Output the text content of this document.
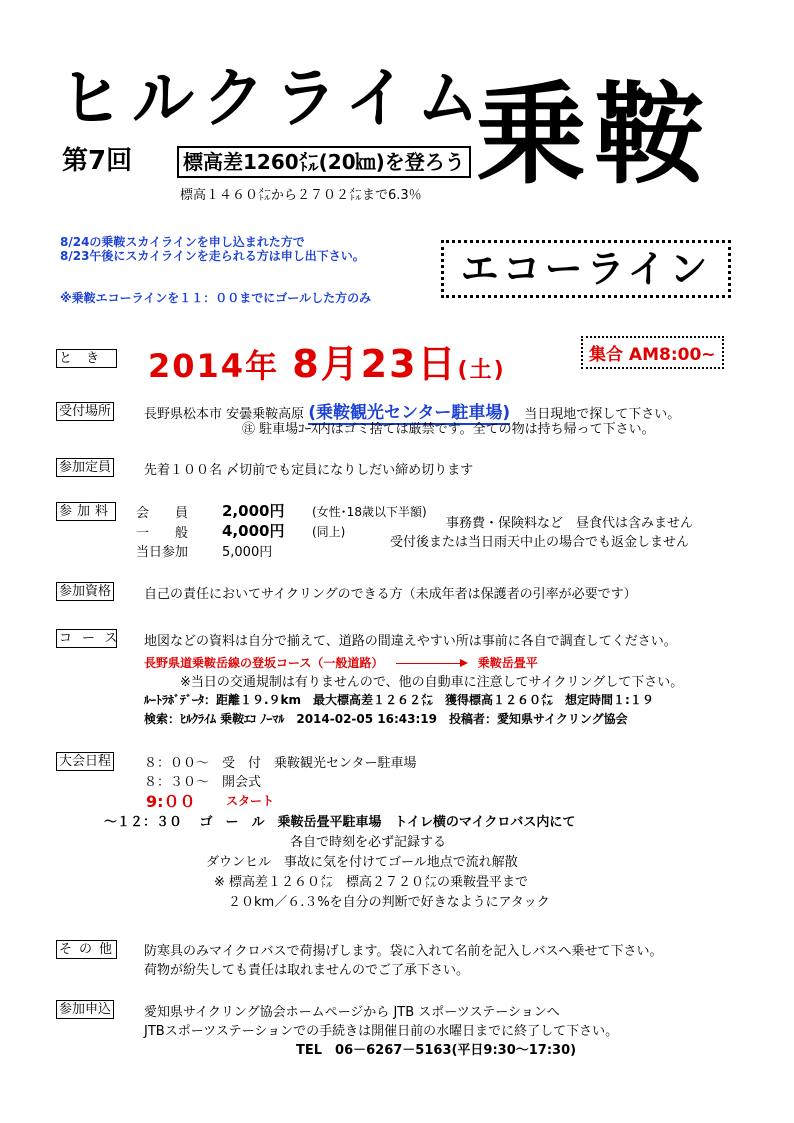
ヒルクライム
第7回	標高差1260㍍(20㎞)を登ろう
標高１４６０㍍から２７０２㍍まで6.3％ 乗鞍
エコーライン
8/24の乗鞍スカイラインを申し込まれた方で
8/23午後にスカイラインを走られる方は申し出下さい。
※乗鞍エコーラインを１１：００までにゴールした方のみ
とき 2014年 8月23日(土)
集合 AM8:00~
受付場所	長野県松本市 安曇乗鞍高原 (乗鞍観光センター駐車場) 当日現地で探して下さい。
㊟ 駐車場ｺｰｽ内はゴミ捨ては厳禁です。全ての物は持ち帰って下さい。
参加定員	先着１００名 〆切前でも定員になりしだい締め切ります
参加料 会　　員 2,000円 (女性･18歳以下半額)
一　　般 4,000円 (同上)
当日参加	5,000円
事務費・保険料など　昼食代は含みません
受付後または当日雨天中止の場合でも返金しません
参加資格	自己の責任においてサイクリングのできる方（未成年者は保護者の引率が必要です）
コース 地図などの資料は自分で揃えて、道路の間違えやすい所は事前に各自で調査してください。
長野県道乗鞍岳線の登坂コース（一般道路）	乗鞍岳畳平
※当日の交通規制は有りませんので、他の自動車に注意してサイクリングして下さい。
ﾙｰﾄﾗﾎﾞﾃﾞｰﾀ：距離１９.９km　最大標高差１２６２㍍　獲得標高１２６０㍍　想定時間１:１９
検索：ﾋﾙｸﾗｲﾑ 乗鞍ｴｺ ﾉｰﾏﾙ　2014-02-05 16:43:19　投稿者：愛知県サイクリング協会
大会日程	８：００～　受　付　乗鞍観光センター駐車場
８：３０～　開会式
9:００	スタート
～１２：３０　 ゴ　ー　ル　乗鞍岳畳平駐車場　トイレ横のマイクロバス内にて
各自で時刻を必ず記録する
ダウンヒル　事故に気を付けてゴール地点で流れ解散
※ 標高差１２６０㍍　標高２７２０㍍の乗鞍畳平まで
２０km／６.３%を自分の判断で好きなようにアタック
その他 防寒具のみマイクロバスで荷揚げします。袋に入れて名前を記入しバスへ乗せて下さい。
荷物が紛失しても責任は取れませんのでご了承下さい。
参加申込	愛知県サイクリング協会ホームページから JTB スポーツステーションへ
JTBスポーツステーションでの手続きは開催日前の水曜日までに終了して下さい。
TEL　06－6267－5163(平日9:30～17:30)
